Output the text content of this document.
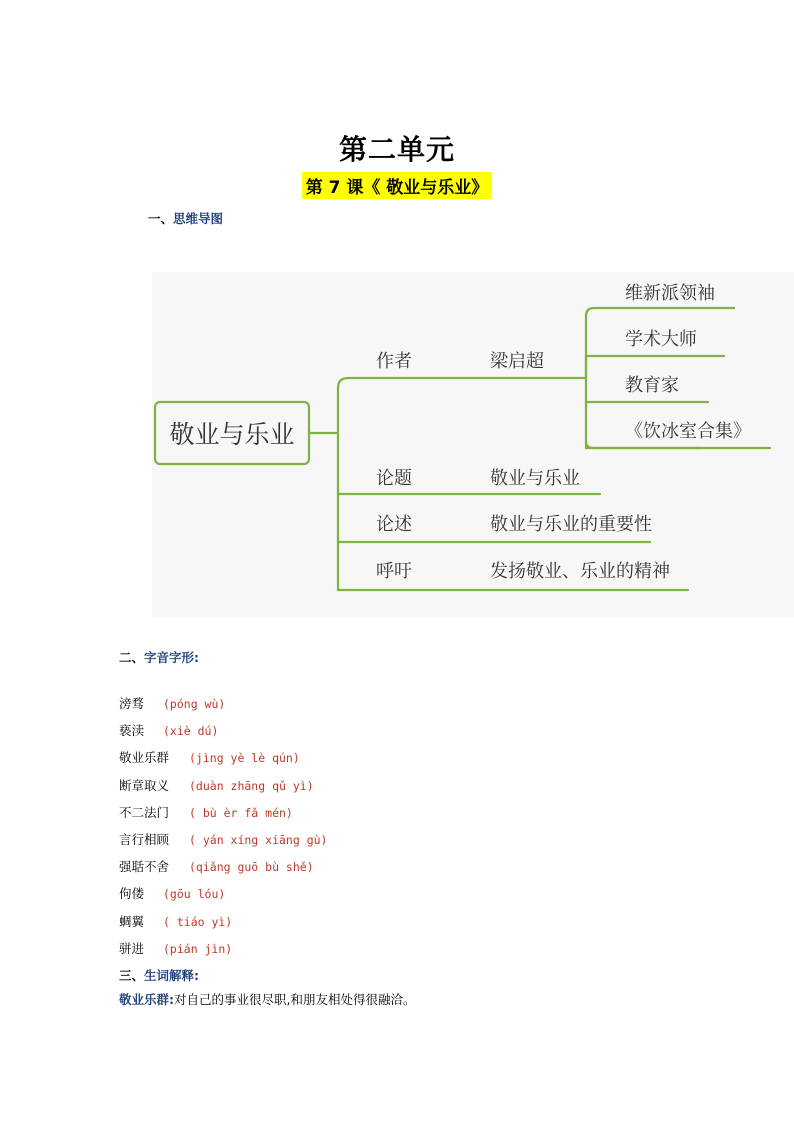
第二单元
第 7 课《 敬业与乐业》
一、思维导图
敬业与乐业
作者	梁启超
维新派领袖
学术大师
教育家
《饮冰室合集》
论题	敬业与乐业
论述	敬业与乐业的重要性
呼吁	发扬敬业、乐业的精神
二、字音字形:
滂骛 (póng wù)
亵渎 (xiè dú)
敬业乐群 (jìng yè lè qún)
断章取义 (duàn zhāng qǔ yì)
不二法门 ( bù èr fǎ mén)
言行相顾 ( yán xíng xiāng gù)
强聒不舍 (qiǎng guō bù shě)
佝偻 (gōu lóu)
蜩翼 ( tiáo yì)
骈进 (pián jìn)
三、生词解释:
敬业乐群:对自己的事业很尽职,和朋友相处得很融洽。
